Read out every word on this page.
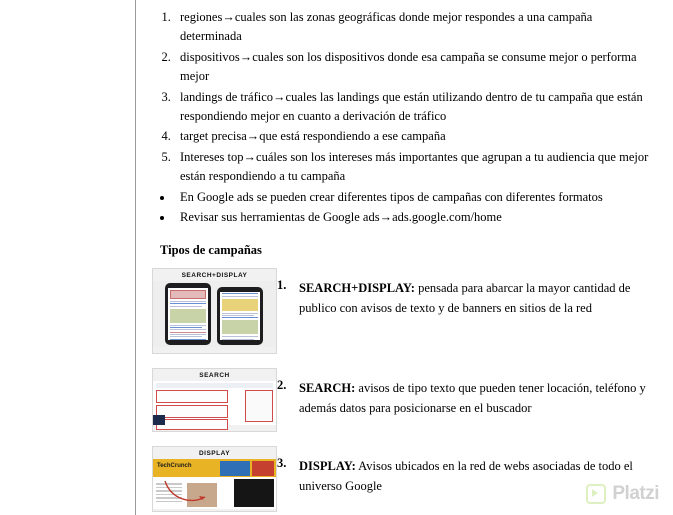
1. regiones→cuales son las zonas geográficas donde mejor respondes a una campaña determinada
2. dispositivos→cuales son los dispositivos donde esa campaña se consume mejor o performa mejor
3. landings de tráfico→cuales las landings que están utilizando dentro de tu campaña que están respondiendo mejor en cuanto a derivación de tráfico
4. target precisa→que está respondiendo a ese campaña
5. Intereses top→cuáles son los intereses más importantes que agrupan a tu audiencia que mejor están respondiendo a tu campaña
• En Google ads se pueden crear diferentes tipos de campañas con diferentes formatos
• Revisar sus herramientas de Google ads→ads.google.com/home
Tipos de campañas
SEARCH+DISPLAY
1.	SEARCH+DISPLAY: pensada para abarcar la mayor cantidad de publico con avisos de texto y de banners en sitios de la red
SEARCH
2.	SEARCH: avisos de tipo texto que pueden tener locación, teléfono y además datos para posicionarse en el buscador
DISPLAY
TechCrunch	3.	DISPLAY: Avisos ubicados en la red de webs asociadas de todo el universo Google	Platzi
